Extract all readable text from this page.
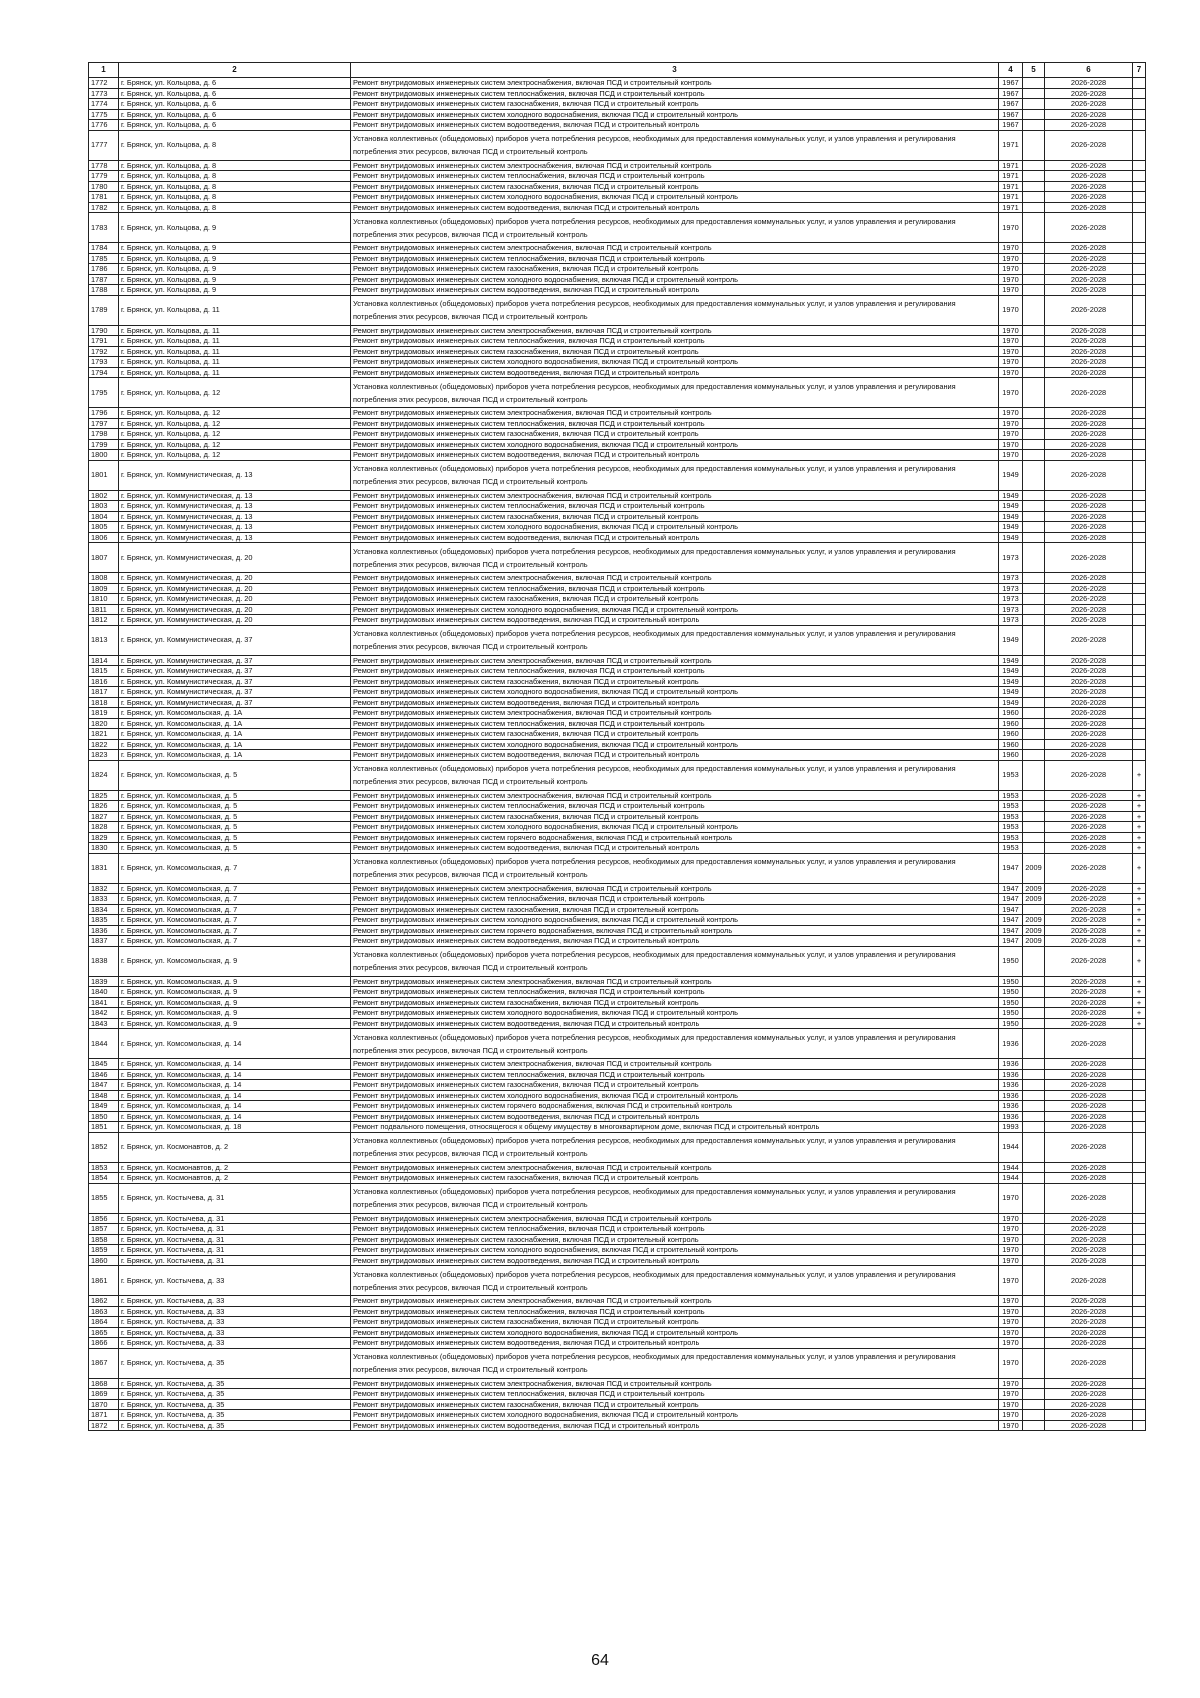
1	2	3	4	5	6	7
1772	г. Брянск, ул. Кольцова, д. 6	Ремонт внутридомовых инженерных систем электроснабжения, включая ПСД и строительный контроль	1967		2026-2028	
1773	г. Брянск, ул. Кольцова, д. 6	Ремонт внутридомовых инженерных систем теплоснабжения, включая ПСД и строительный контроль	1967		2026-2028	
1774	г. Брянск, ул. Кольцова, д. 6	Ремонт внутридомовых инженерных систем газоснабжения, включая ПСД и строительный контроль	1967		2026-2028	
1775	г. Брянск, ул. Кольцова, д. 6	Ремонт внутридомовых инженерных систем холодного водоснабжения, включая ПСД и строительный контроль	1967		2026-2028	
1776	г. Брянск, ул. Кольцова, д. 6	Ремонт внутридомовых инженерных систем водоотведения, включая ПСД и строительный контроль	1967		2026-2028	
1777	г. Брянск, ул. Кольцова, д. 8	Установка коллективных (общедомовых) приборов учета потребления ресурсов, необходимых для предоставления коммунальных услуг, и узлов управления и регулирования потребления этих ресурсов, включая ПСД и строительный контроль	1971		2026-2028	
1778	г. Брянск, ул. Кольцова, д. 8	Ремонт внутридомовых инженерных систем электроснабжения, включая ПСД и строительный контроль	1971		2026-2028	
1779	г. Брянск, ул. Кольцова, д. 8	Ремонт внутридомовых инженерных систем теплоснабжения, включая ПСД и строительный контроль	1971		2026-2028	
1780	г. Брянск, ул. Кольцова, д. 8	Ремонт внутридомовых инженерных систем газоснабжения, включая ПСД и строительный контроль	1971		2026-2028	
1781	г. Брянск, ул. Кольцова, д. 8	Ремонт внутридомовых инженерных систем холодного водоснабжения, включая ПСД и строительный контроль	1971		2026-2028	
1782	г. Брянск, ул. Кольцова, д. 8	Ремонт внутридомовых инженерных систем водоотведения, включая ПСД и строительный контроль	1971		2026-2028	
1783	г. Брянск, ул. Кольцова, д. 9	Установка коллективных (общедомовых) приборов учета потребления ресурсов, необходимых для предоставления коммунальных услуг, и узлов управления и регулирования потребления этих ресурсов, включая ПСД и строительный контроль	1970		2026-2028	
1784	г. Брянск, ул. Кольцова, д. 9	Ремонт внутридомовых инженерных систем электроснабжения, включая ПСД и строительный контроль	1970		2026-2028	
1785	г. Брянск, ул. Кольцова, д. 9	Ремонт внутридомовых инженерных систем теплоснабжения, включая ПСД и строительный контроль	1970		2026-2028	
1786	г. Брянск, ул. Кольцова, д. 9	Ремонт внутридомовых инженерных систем газоснабжения, включая ПСД и строительный контроль	1970		2026-2028	
1787	г. Брянск, ул. Кольцова, д. 9	Ремонт внутридомовых инженерных систем холодного водоснабжения, включая ПСД и строительный контроль	1970		2026-2028	
1788	г. Брянск, ул. Кольцова, д. 9	Ремонт внутридомовых инженерных систем водоотведения, включая ПСД и строительный контроль	1970		2026-2028	
1789	г. Брянск, ул. Кольцова, д. 11	Установка коллективных (общедомовых) приборов учета потребления ресурсов, необходимых для предоставления коммунальных услуг, и узлов управления и регулирования потребления этих ресурсов, включая ПСД и строительный контроль	1970		2026-2028	
1790	г. Брянск, ул. Кольцова, д. 11	Ремонт внутридомовых инженерных систем электроснабжения, включая ПСД и строительный контроль	1970		2026-2028	
1791	г. Брянск, ул. Кольцова, д. 11	Ремонт внутридомовых инженерных систем теплоснабжения, включая ПСД и строительный контроль	1970		2026-2028	
1792	г. Брянск, ул. Кольцова, д. 11	Ремонт внутридомовых инженерных систем газоснабжения, включая ПСД и строительный контроль	1970		2026-2028	
1793	г. Брянск, ул. Кольцова, д. 11	Ремонт внутридомовых инженерных систем холодного водоснабжения, включая ПСД и строительный контроль	1970		2026-2028	
1794	г. Брянск, ул. Кольцова, д. 11	Ремонт внутридомовых инженерных систем водоотведения, включая ПСД и строительный контроль	1970		2026-2028	
1795	г. Брянск, ул. Кольцова, д. 12	Установка коллективных (общедомовых) приборов учета потребления ресурсов, необходимых для предоставления коммунальных услуг, и узлов управления и регулирования потребления этих ресурсов, включая ПСД и строительный контроль	1970		2026-2028	
1796	г. Брянск, ул. Кольцова, д. 12	Ремонт внутридомовых инженерных систем электроснабжения, включая ПСД и строительный контроль	1970		2026-2028	
1797	г. Брянск, ул. Кольцова, д. 12	Ремонт внутридомовых инженерных систем теплоснабжения, включая ПСД и строительный контроль	1970		2026-2028	
1798	г. Брянск, ул. Кольцова, д. 12	Ремонт внутридомовых инженерных систем газоснабжения, включая ПСД и строительный контроль	1970		2026-2028	
1799	г. Брянск, ул. Кольцова, д. 12	Ремонт внутридомовых инженерных систем холодного водоснабжения, включая ПСД и строительный контроль	1970		2026-2028	
1800	г. Брянск, ул. Кольцова, д. 12	Ремонт внутридомовых инженерных систем водоотведения, включая ПСД и строительный контроль	1970		2026-2028	
1801	г. Брянск, ул. Коммунистическая, д. 13	Установка коллективных (общедомовых) приборов учета потребления ресурсов, необходимых для предоставления коммунальных услуг, и узлов управления и регулирования потребления этих ресурсов, включая ПСД и строительный контроль	1949		2026-2028	
1802	г. Брянск, ул. Коммунистическая, д. 13	Ремонт внутридомовых инженерных систем электроснабжения, включая ПСД и строительный контроль	1949		2026-2028	
1803	г. Брянск, ул. Коммунистическая, д. 13	Ремонт внутридомовых инженерных систем теплоснабжения, включая ПСД и строительный контроль	1949		2026-2028	
1804	г. Брянск, ул. Коммунистическая, д. 13	Ремонт внутридомовых инженерных систем газоснабжения, включая ПСД и строительный контроль	1949		2026-2028	
1805	г. Брянск, ул. Коммунистическая, д. 13	Ремонт внутридомовых инженерных систем холодного водоснабжения, включая ПСД и строительный контроль	1949		2026-2028	
1806	г. Брянск, ул. Коммунистическая, д. 13	Ремонт внутридомовых инженерных систем водоотведения, включая ПСД и строительный контроль	1949		2026-2028	
1807	г. Брянск, ул. Коммунистическая, д. 20	Установка коллективных (общедомовых) приборов учета потребления ресурсов, необходимых для предоставления коммунальных услуг, и узлов управления и регулирования потребления этих ресурсов, включая ПСД и строительный контроль	1973		2026-2028	
1808	г. Брянск, ул. Коммунистическая, д. 20	Ремонт внутридомовых инженерных систем электроснабжения, включая ПСД и строительный контроль	1973		2026-2028	
1809	г. Брянск, ул. Коммунистическая, д. 20	Ремонт внутридомовых инженерных систем теплоснабжения, включая ПСД и строительный контроль	1973		2026-2028	
1810	г. Брянск, ул. Коммунистическая, д. 20	Ремонт внутридомовых инженерных систем газоснабжения, включая ПСД и строительный контроль	1973		2026-2028	
1811	г. Брянск, ул. Коммунистическая, д. 20	Ремонт внутридомовых инженерных систем холодного водоснабжения, включая ПСД и строительный контроль	1973		2026-2028	
1812	г. Брянск, ул. Коммунистическая, д. 20	Ремонт внутридомовых инженерных систем водоотведения, включая ПСД и строительный контроль	1973		2026-2028	
1813	г. Брянск, ул. Коммунистическая, д. 37	Установка коллективных (общедомовых) приборов учета потребления ресурсов, необходимых для предоставления коммунальных услуг, и узлов управления и регулирования потребления этих ресурсов, включая ПСД и строительный контроль	1949		2026-2028	
1814	г. Брянск, ул. Коммунистическая, д. 37	Ремонт внутридомовых инженерных систем электроснабжения, включая ПСД и строительный контроль	1949		2026-2028	
1815	г. Брянск, ул. Коммунистическая, д. 37	Ремонт внутридомовых инженерных систем теплоснабжения, включая ПСД и строительный контроль	1949		2026-2028	
1816	г. Брянск, ул. Коммунистическая, д. 37	Ремонт внутридомовых инженерных систем газоснабжения, включая ПСД и строительный контроль	1949		2026-2028	
1817	г. Брянск, ул. Коммунистическая, д. 37	Ремонт внутридомовых инженерных систем холодного водоснабжения, включая ПСД и строительный контроль	1949		2026-2028	
1818	г. Брянск, ул. Коммунистическая, д. 37	Ремонт внутридомовых инженерных систем водоотведения, включая ПСД и строительный контроль	1949		2026-2028	
1819	г. Брянск, ул. Комсомольская, д. 1А	Ремонт внутридомовых инженерных систем электроснабжения, включая ПСД и строительный контроль	1960		2026-2028	
1820	г. Брянск, ул. Комсомольская, д. 1А	Ремонт внутридомовых инженерных систем теплоснабжения, включая ПСД и строительный контроль	1960		2026-2028	
1821	г. Брянск, ул. Комсомольская, д. 1А	Ремонт внутридомовых инженерных систем газоснабжения, включая ПСД и строительный контроль	1960		2026-2028	
1822	г. Брянск, ул. Комсомольская, д. 1А	Ремонт внутридомовых инженерных систем холодного водоснабжения, включая ПСД и строительный контроль	1960		2026-2028	
1823	г. Брянск, ул. Комсомольская, д. 1А	Ремонт внутридомовых инженерных систем водоотведения, включая ПСД и строительный контроль	1960		2026-2028	
1824	г. Брянск, ул. Комсомольская, д. 5	Установка коллективных (общедомовых) приборов учета потребления ресурсов, необходимых для предоставления коммунальных услуг, и узлов управления и регулирования потребления этих ресурсов, включая ПСД и строительный контроль	1953		2026-2028	+
1825	г. Брянск, ул. Комсомольская, д. 5	Ремонт внутридомовых инженерных систем электроснабжения, включая ПСД и строительный контроль	1953		2026-2028	+
1826	г. Брянск, ул. Комсомольская, д. 5	Ремонт внутридомовых инженерных систем теплоснабжения, включая ПСД и строительный контроль	1953		2026-2028	+
1827	г. Брянск, ул. Комсомольская, д. 5	Ремонт внутридомовых инженерных систем газоснабжения, включая ПСД и строительный контроль	1953		2026-2028	+
1828	г. Брянск, ул. Комсомольская, д. 5	Ремонт внутридомовых инженерных систем холодного водоснабжения, включая ПСД и строительный контроль	1953		2026-2028	+
1829	г. Брянск, ул. Комсомольская, д. 5	Ремонт внутридомовых инженерных систем горячего водоснабжения, включая ПСД и строительный контроль	1953		2026-2028	+
1830	г. Брянск, ул. Комсомольская, д. 5	Ремонт внутридомовых инженерных систем водоотведения, включая ПСД и строительный контроль	1953		2026-2028	+
1831	г. Брянск, ул. Комсомольская, д. 7	Установка коллективных (общедомовых) приборов учета потребления ресурсов, необходимых для предоставления коммунальных услуг, и узлов управления и регулирования потребления этих ресурсов, включая ПСД и строительный контроль	1947	2009	2026-2028	+
1832	г. Брянск, ул. Комсомольская, д. 7	Ремонт внутридомовых инженерных систем электроснабжения, включая ПСД и строительный контроль	1947	2009	2026-2028	+
1833	г. Брянск, ул. Комсомольская, д. 7	Ремонт внутридомовых инженерных систем теплоснабжения, включая ПСД и строительный контроль	1947	2009	2026-2028	+
1834	г. Брянск, ул. Комсомольская, д. 7	Ремонт внутридомовых инженерных систем газоснабжения, включая ПСД и строительный контроль	1947		2026-2028	+
1835	г. Брянск, ул. Комсомольская, д. 7	Ремонт внутридомовых инженерных систем холодного водоснабжения, включая ПСД и строительный контроль	1947	2009	2026-2028	+
1836	г. Брянск, ул. Комсомольская, д. 7	Ремонт внутридомовых инженерных систем горячего водоснабжения, включая ПСД и строительный контроль	1947	2009	2026-2028	+
1837	г. Брянск, ул. Комсомольская, д. 7	Ремонт внутридомовых инженерных систем водоотведения, включая ПСД и строительный контроль	1947	2009	2026-2028	+
1838	г. Брянск, ул. Комсомольская, д. 9	Установка коллективных (общедомовых) приборов учета потребления ресурсов, необходимых для предоставления коммунальных услуг, и узлов управления и регулирования потребления этих ресурсов, включая ПСД и строительный контроль	1950		2026-2028	+
1839	г. Брянск, ул. Комсомольская, д. 9	Ремонт внутридомовых инженерных систем электроснабжения, включая ПСД и строительный контроль	1950		2026-2028	+
1840	г. Брянск, ул. Комсомольская, д. 9	Ремонт внутридомовых инженерных систем теплоснабжения, включая ПСД и строительный контроль	1950		2026-2028	+
1841	г. Брянск, ул. Комсомольская, д. 9	Ремонт внутридомовых инженерных систем газоснабжения, включая ПСД и строительный контроль	1950		2026-2028	+
1842	г. Брянск, ул. Комсомольская, д. 9	Ремонт внутридомовых инженерных систем холодного водоснабжения, включая ПСД и строительный контроль	1950		2026-2028	+
1843	г. Брянск, ул. Комсомольская, д. 9	Ремонт внутридомовых инженерных систем водоотведения, включая ПСД и строительный контроль	1950		2026-2028	+
1844	г. Брянск, ул. Комсомольская, д. 14	Установка коллективных (общедомовых) приборов учета потребления ресурсов, необходимых для предоставления коммунальных услуг, и узлов управления и регулирования потребления этих ресурсов, включая ПСД и строительный контроль	1936		2026-2028	
1845	г. Брянск, ул. Комсомольская, д. 14	Ремонт внутридомовых инженерных систем электроснабжения, включая ПСД и строительный контроль	1936		2026-2028	
1846	г. Брянск, ул. Комсомольская, д. 14	Ремонт внутридомовых инженерных систем теплоснабжения, включая ПСД и строительный контроль	1936		2026-2028	
1847	г. Брянск, ул. Комсомольская, д. 14	Ремонт внутридомовых инженерных систем газоснабжения, включая ПСД и строительный контроль	1936		2026-2028	
1848	г. Брянск, ул. Комсомольская, д. 14	Ремонт внутридомовых инженерных систем холодного водоснабжения, включая ПСД и строительный контроль	1936		2026-2028	
1849	г. Брянск, ул. Комсомольская, д. 14	Ремонт внутридомовых инженерных систем горячего водоснабжения, включая ПСД и строительный контроль	1936		2026-2028	
1850	г. Брянск, ул. Комсомольская, д. 14	Ремонт внутридомовых инженерных систем водоотведения, включая ПСД и строительный контроль	1936		2026-2028	
1851	г. Брянск, ул. Комсомольская, д. 18	Ремонт подвального помещения, относящегося к общему имуществу в многоквартирном доме, включая ПСД и строительный контроль	1993		2026-2028	
1852	г. Брянск, ул. Космонавтов, д. 2	Установка коллективных (общедомовых) приборов учета потребления ресурсов, необходимых для предоставления коммунальных услуг, и узлов управления и регулирования потребления этих ресурсов, включая ПСД и строительный контроль	1944		2026-2028	
1853	г. Брянск, ул. Космонавтов, д. 2	Ремонт внутридомовых инженерных систем электроснабжения, включая ПСД и строительный контроль	1944		2026-2028	
1854	г. Брянск, ул. Космонавтов, д. 2	Ремонт внутридомовых инженерных систем газоснабжения, включая ПСД и строительный контроль	1944		2026-2028	
1855	г. Брянск, ул. Костычева, д. 31	Установка коллективных (общедомовых) приборов учета потребления ресурсов, необходимых для предоставления коммунальных услуг, и узлов управления и регулирования потребления этих ресурсов, включая ПСД и строительный контроль	1970		2026-2028	
1856	г. Брянск, ул. Костычева, д. 31	Ремонт внутридомовых инженерных систем электроснабжения, включая ПСД и строительный контроль	1970		2026-2028	
1857	г. Брянск, ул. Костычева, д. 31	Ремонт внутридомовых инженерных систем теплоснабжения, включая ПСД и строительный контроль	1970		2026-2028	
1858	г. Брянск, ул. Костычева, д. 31	Ремонт внутридомовых инженерных систем газоснабжения, включая ПСД и строительный контроль	1970		2026-2028	
1859	г. Брянск, ул. Костычева, д. 31	Ремонт внутридомовых инженерных систем холодного водоснабжения, включая ПСД и строительный контроль	1970		2026-2028	
1860	г. Брянск, ул. Костычева, д. 31	Ремонт внутридомовых инженерных систем водоотведения, включая ПСД и строительный контроль	1970		2026-2028	
1861	г. Брянск, ул. Костычева, д. 33	Установка коллективных (общедомовых) приборов учета потребления ресурсов, необходимых для предоставления коммунальных услуг, и узлов управления и регулирования потребления этих ресурсов, включая ПСД и строительный контроль	1970		2026-2028	
1862	г. Брянск, ул. Костычева, д. 33	Ремонт внутридомовых инженерных систем электроснабжения, включая ПСД и строительный контроль	1970		2026-2028	
1863	г. Брянск, ул. Костычева, д. 33	Ремонт внутридомовых инженерных систем теплоснабжения, включая ПСД и строительный контроль	1970		2026-2028	
1864	г. Брянск, ул. Костычева, д. 33	Ремонт внутридомовых инженерных систем газоснабжения, включая ПСД и строительный контроль	1970		2026-2028	
1865	г. Брянск, ул. Костычева, д. 33	Ремонт внутридомовых инженерных систем холодного водоснабжения, включая ПСД и строительный контроль	1970		2026-2028	
1866	г. Брянск, ул. Костычева, д. 33	Ремонт внутридомовых инженерных систем водоотведения, включая ПСД и строительный контроль	1970		2026-2028	
1867	г. Брянск, ул. Костычева, д. 35	Установка коллективных (общедомовых) приборов учета потребления ресурсов, необходимых для предоставления коммунальных услуг, и узлов управления и регулирования потребления этих ресурсов, включая ПСД и строительный контроль	1970		2026-2028	
1868	г. Брянск, ул. Костычева, д. 35	Ремонт внутридомовых инженерных систем электроснабжения, включая ПСД и строительный контроль	1970		2026-2028	
1869	г. Брянск, ул. Костычева, д. 35	Ремонт внутридомовых инженерных систем теплоснабжения, включая ПСД и строительный контроль	1970		2026-2028	
1870	г. Брянск, ул. Костычева, д. 35	Ремонт внутридомовых инженерных систем газоснабжения, включая ПСД и строительный контроль	1970		2026-2028	
1871	г. Брянск, ул. Костычева, д. 35	Ремонт внутридомовых инженерных систем холодного водоснабжения, включая ПСД и строительный контроль	1970		2026-2028	
1872	г. Брянск, ул. Костычева, д. 35	Ремонт внутридомовых инженерных систем водоотведения, включая ПСД и строительный контроль	1970		2026-2028	
64
